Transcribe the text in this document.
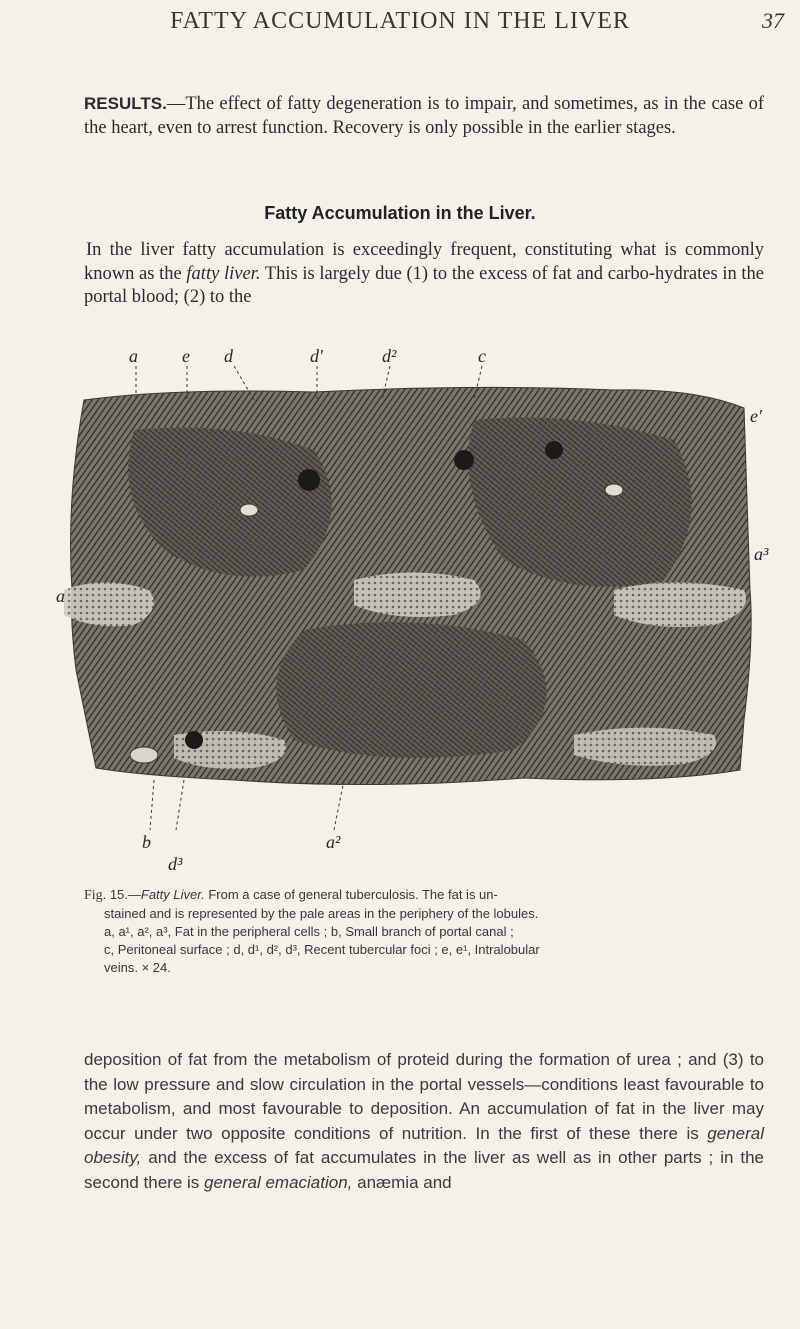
FATTY ACCUMULATION IN THE LIVER	37
RESULTS.—The effect of fatty degeneration is to impair, and sometimes, as in the case of the heart, even to arrest function. Recovery is only possible in the earlier stages.
Fatty Accumulation in the Liver.
In the liver fatty accumulation is exceedingly frequent, constituting what is commonly known as the fatty liver. This is largely due (1) to the excess of fat and carbo-hydrates in the portal blood; (2) to the
a e d	d'	d²	c
e'
a³
a
b
d³
a²
Fig. 15.—Fatty Liver. From a case of general tuberculosis. The fat is un-
stained and is represented by the pale areas in the periphery of the lobules.
a, a¹, a², a³, Fat in the peripheral cells ; b, Small branch of portal canal ;
c, Peritoneal surface ; d, d¹, d², d³, Recent tubercular foci ; e, e¹, Intralobular
veins. × 24.
deposition of fat from the metabolism of proteid during the formation of urea ; and (3) to the low pressure and slow circulation in the portal vessels—conditions least favourable to metabolism, and most favourable to deposition. An accumulation of fat in the liver may occur under two opposite conditions of nutrition. In the first of these there is general obesity, and the excess of fat accumulates in the liver as well as in other parts ; in the second there is general emaciation, anæmia and
